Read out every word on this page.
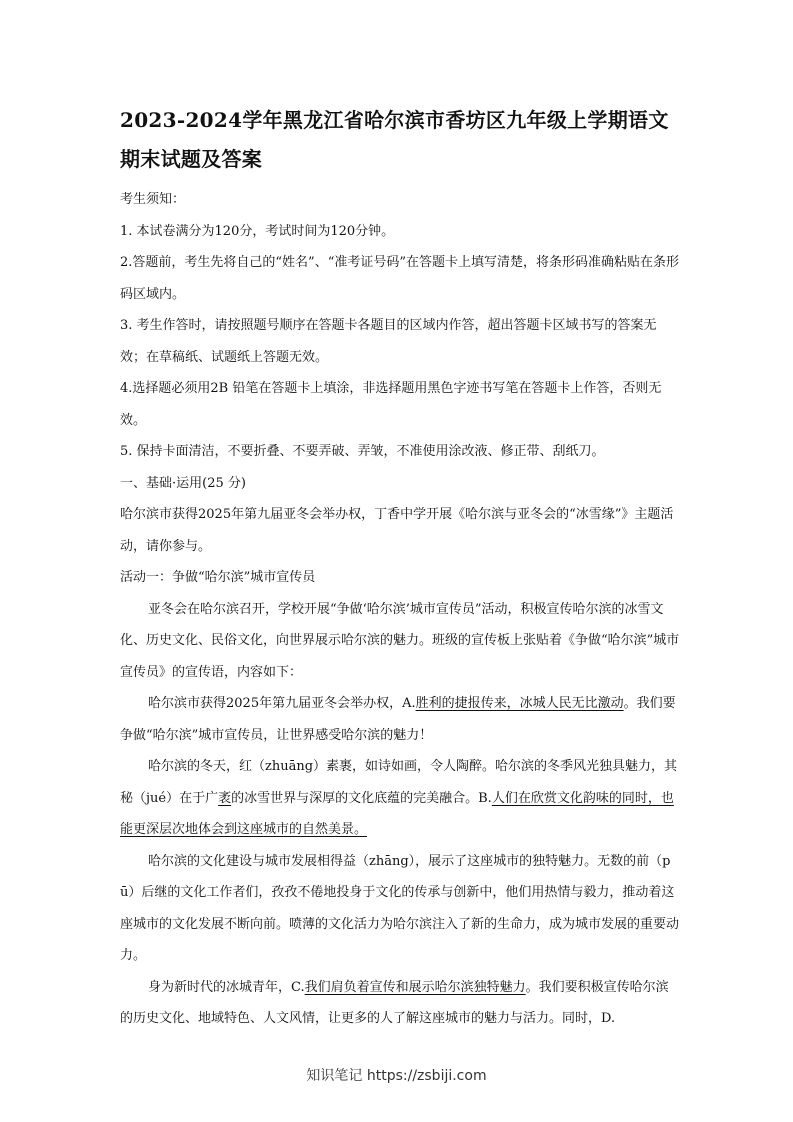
2023-2024学年黑龙江省哈尔滨市香坊区九年级上学期语文期末试题及答案

考生须知：

1. 本试卷满分为120分，考试时间为120分钟。

2.答题前，考生先将自己的“姓名”、“准考证号码”在答题卡上填写清楚，将条形码准确粘贴在条形码区域内。

3. 考生作答时，请按照题号顺序在答题卡各题目的区域内作答，超出答题卡区域书写的答案无效；在草稿纸、试题纸上答题无效。

4.选择题必须用2B 铅笔在答题卡上填涂，非选择题用黑色字迹书写笔在答题卡上作答，否则无效。

5. 保持卡面清洁，不要折叠、不要弄破、弄皱，不准使用涂改液、修正带、刮纸刀。

一、基础·运用(25 分)

哈尔滨市获得2025年第九届亚冬会举办权，丁香中学开展《哈尔滨与亚冬会的“冰雪缘”》主题活动，请你参与。

活动一：争做“哈尔滨”城市宣传员

亚冬会在哈尔滨召开，学校开展“争做‘哈尔滨’城市宣传员”活动，积极宣传哈尔滨的冰雪文化、历史文化、民俗文化，向世界展示哈尔滨的魅力。班级的宣传板上张贴着《争做“哈尔滨”城市宣传员》的宣传语，内容如下：

哈尔滨市获得2025年第九届亚冬会举办权，A.胜利的捷报传来，冰城人民无比激动。我们要争做“哈尔滨”城市宣传员，让世界感受哈尔滨的魅力！

哈尔滨的冬天，红（zhuāng）素裹，如诗如画，令人陶醉。哈尔滨的冬季风光独具魅力，其秘（jué）在于广袤的冰雪世界与深厚的文化底蕴的完美融合。B.人们在欣赏文化韵味的同时，也能更深层次地体会到这座城市的自然美景。

哈尔滨的文化建设与城市发展相得益（zhāng），展示了这座城市的独特魅力。无数的前（pū）后继的文化工作者们，孜孜不倦地投身于文化的传承与创新中，他们用热情与毅力，推动着这座城市的文化发展不断向前。喷薄的文化活力为哈尔滨注入了新的生命力，成为城市发展的重要动力。

身为新时代的冰城青年，C.我们肩负着宣传和展示哈尔滨独特魅力。我们要积极宣传哈尔滨的历史文化、地域特色、人文风情，让更多的人了解这座城市的魅力与活力。同时，D.

知识笔记 https://zsbiji.com
